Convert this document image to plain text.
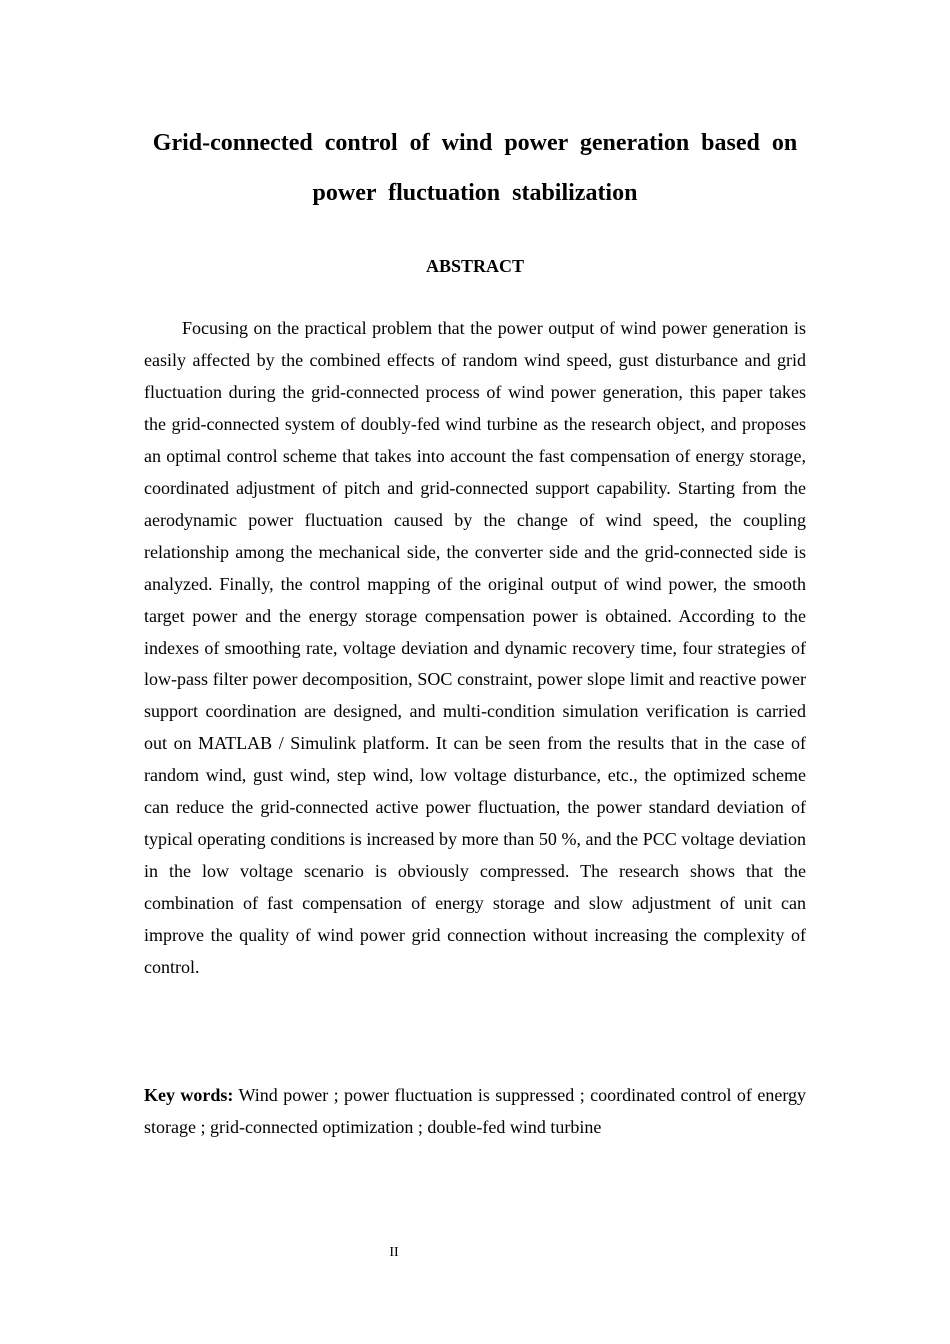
Grid-connected control of wind power generation based on power fluctuation stabilization
ABSTRACT

Focusing on the practical problem that the power output of wind power generation is easily affected by the combined effects of random wind speed, gust disturbance and grid fluctuation during the grid-connected process of wind power generation, this paper takes the grid-connected system of doubly-fed wind turbine as the research object, and proposes an optimal control scheme that takes into account the fast compensation of energy storage, coordinated adjustment of pitch and grid-connected support capability. Starting from the aerodynamic power fluctuation caused by the change of wind speed, the coupling relationship among the mechanical side, the converter side and the grid-connected side is analyzed. Finally, the control mapping of the original output of wind power, the smooth target power and the energy storage compensation power is obtained. According to the indexes of smoothing rate, voltage deviation and dynamic recovery time, four strategies of low-pass filter power decomposition, SOC constraint, power slope limit and reactive power support coordination are designed, and multi-condition simulation verification is carried out on MATLAB / Simulink platform. It can be seen from the results that in the case of random wind, gust wind, step wind, low voltage disturbance, etc., the optimized scheme can reduce the grid-connected active power fluctuation, the power standard deviation of typical operating conditions is increased by more than 50 %, and the PCC voltage deviation in the low voltage scenario is obviously compressed. The research shows that the combination of fast compensation of energy storage and slow adjustment of unit can improve the quality of wind power grid connection without increasing the complexity of control.

Key words: Wind power ; power fluctuation is suppressed ; coordinated control of energy storage ; grid-connected optimization ; double-fed wind turbine

II
